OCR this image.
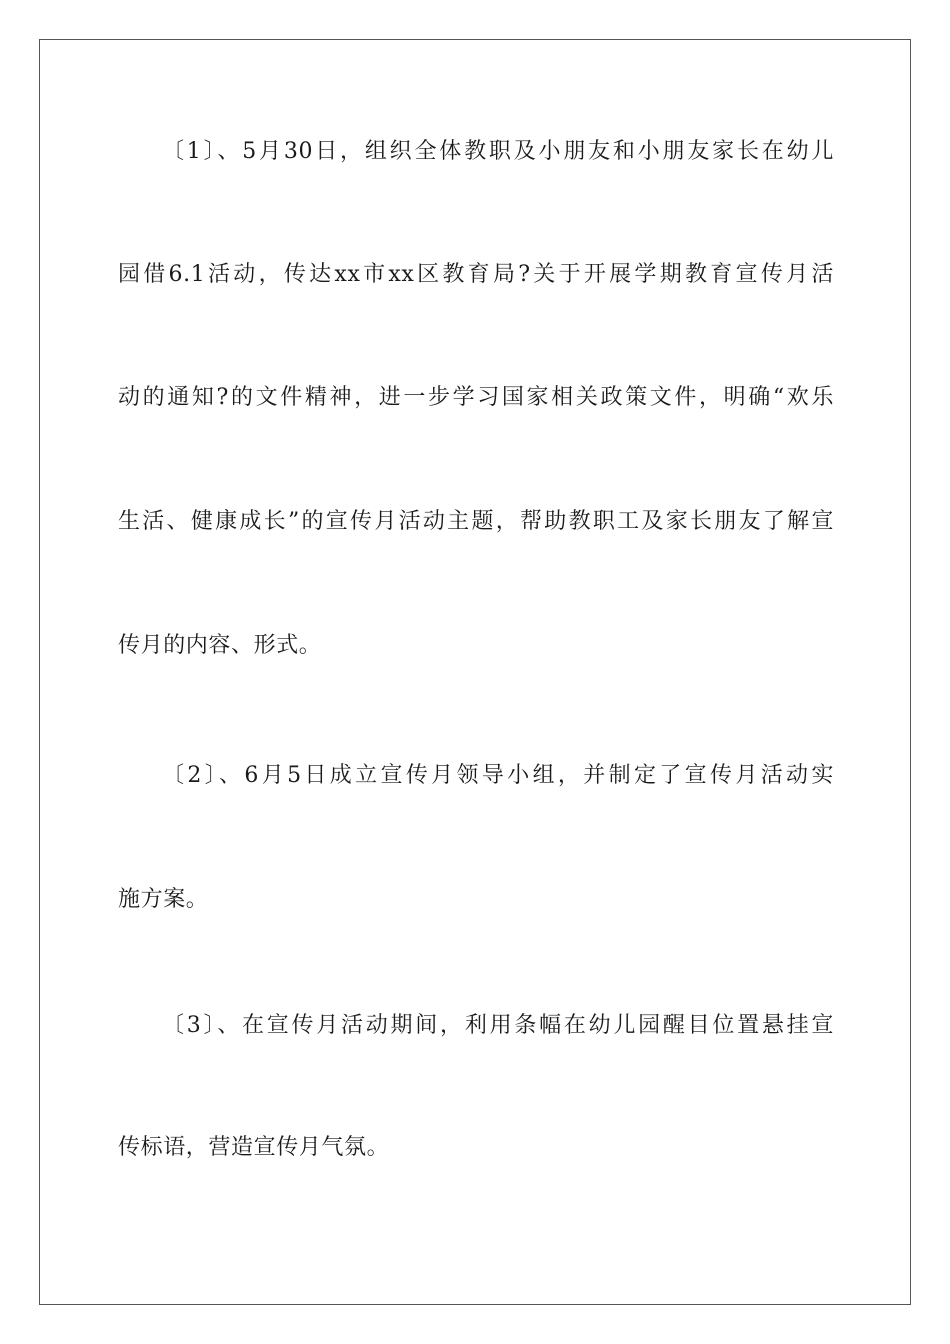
〔1〕、5月30日，组织全体教职及小朋友和小朋友家长在幼儿
园借6.1活动，传达xx市xx区教育局?关于开展学期教育宣传月活
动的通知?的文件精神，进一步学习国家相关政策文件，明确“欢乐
生活、健康成长”的宣传月活动主题，帮助教职工及家长朋友了解宣
传月的内容、形式。
〔2〕、6月5日成立宣传月领导小组，并制定了宣传月活动实
施方案。
〔3〕、在宣传月活动期间，利用条幅在幼儿园醒目位置悬挂宣
传标语，营造宣传月气氛。
